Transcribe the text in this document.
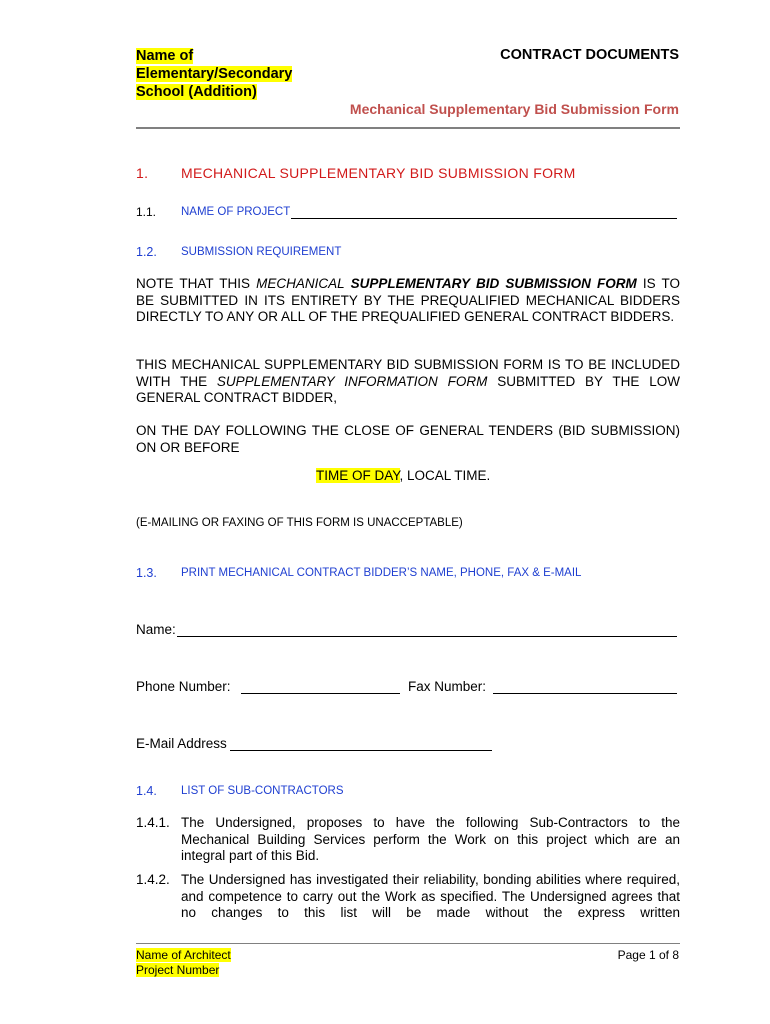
Name of
Elementary/Secondary
School (Addition)
CONTRACT DOCUMENTS
Mechanical Supplementary Bid Submission Form
1. MECHANICAL SUPPLEMENTARY BID SUBMISSION FORM
1.1. NAME OF PROJECT
1.2. SUBMISSION REQUIREMENT
NOTE THAT THIS MECHANICAL SUPPLEMENTARY BID SUBMISSION FORM IS TO BE SUBMITTED IN ITS ENTIRETY BY THE PREQUALIFIED MECHANICAL BIDDERS DIRECTLY TO ANY OR ALL OF THE PREQUALIFIED GENERAL CONTRACT BIDDERS.
THIS MECHANICAL SUPPLEMENTARY BID SUBMISSION FORM IS TO BE INCLUDED WITH THE SUPPLEMENTARY INFORMATION FORM SUBMITTED BY THE LOW GENERAL CONTRACT BIDDER,
ON THE DAY FOLLOWING THE CLOSE OF GENERAL TENDERS (BID SUBMISSION) ON OR BEFORE
TIME OF DAY, LOCAL TIME.
(E-MAILING OR FAXING OF THIS FORM IS UNACCEPTABLE)
1.3. PRINT MECHANICAL CONTRACT BIDDER’S NAME, PHONE, FAX & E-MAIL
Name:
Phone Number:	Fax Number:
E-Mail Address
1.4. LIST OF SUB-CONTRACTORS
1.4.1. The Undersigned, proposes to have the following Sub-Contractors to the Mechanical Building Services perform the Work on this project which are an integral part of this Bid.
1.4.2. The Undersigned has investigated their reliability, bonding abilities where required, and competence to carry out the Work as specified. The Undersigned agrees that no changes to this list will be made without the express written
Name of Architect
Project Number
Page 1 of 8
